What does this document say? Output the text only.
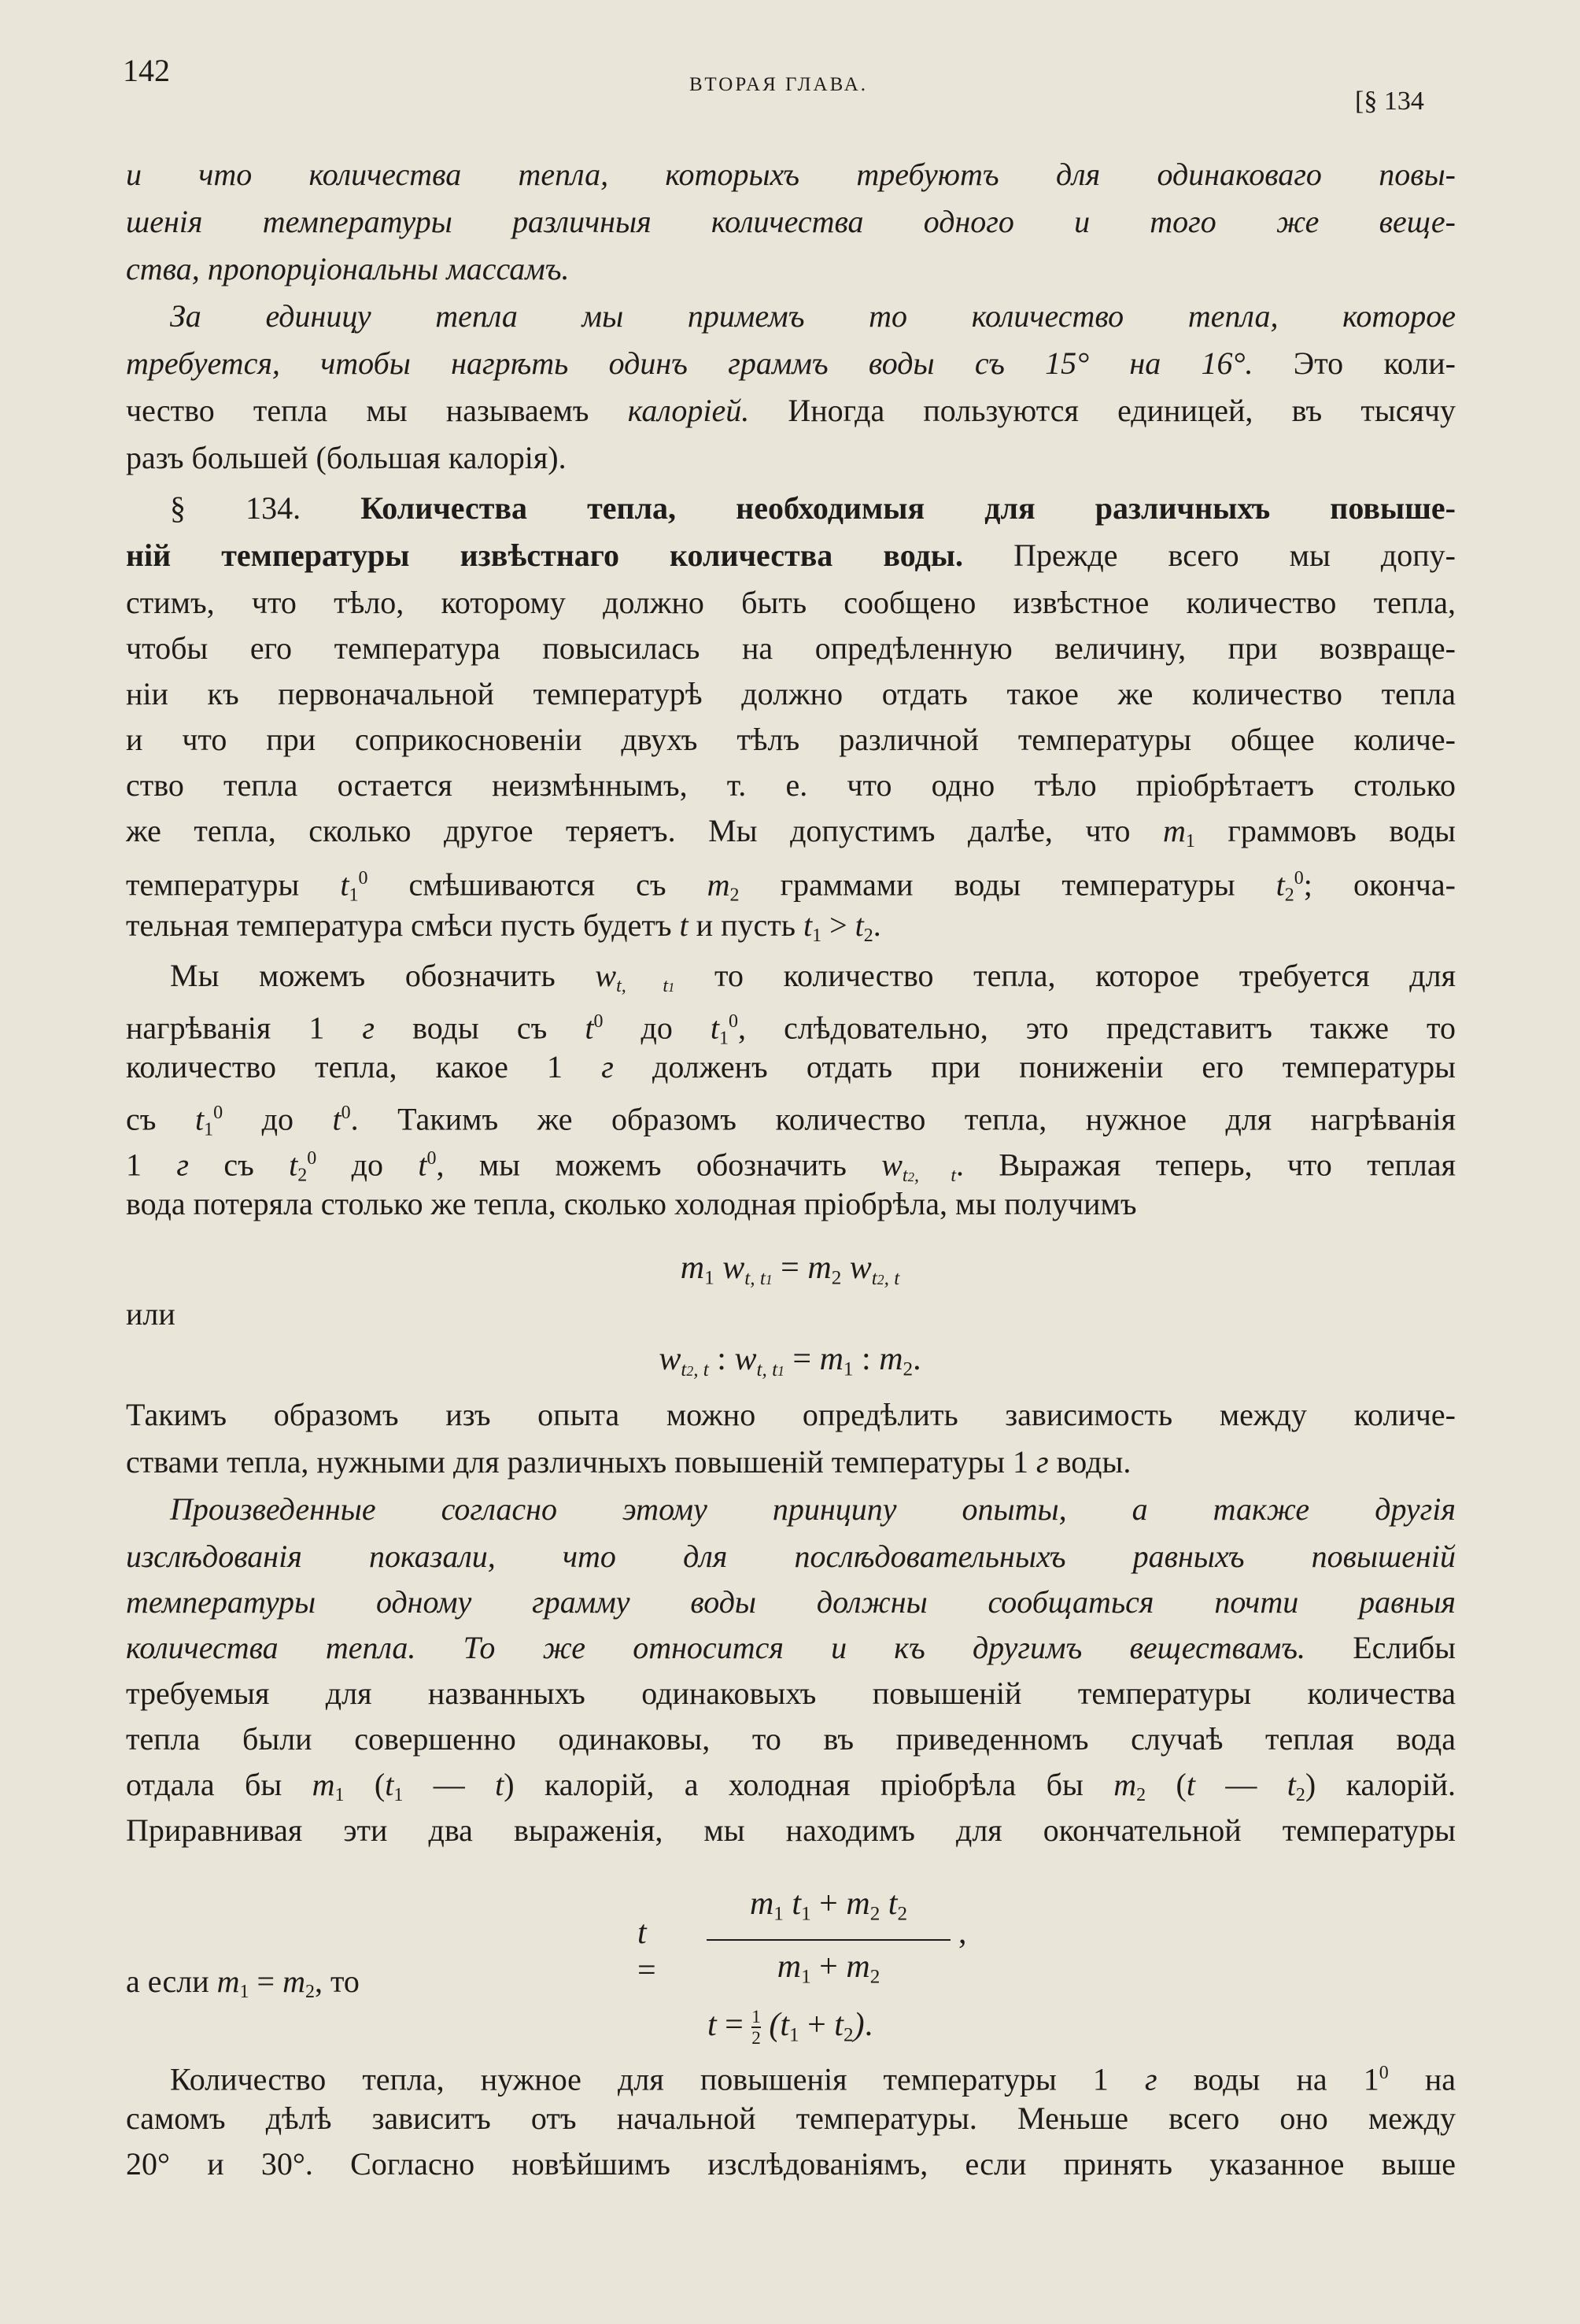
142	ВТОРАЯ ГЛАВА.
[§ 134
и что количества тепла, которыхъ требуютъ для одинаковаго повы-
шенія температуры различныя количества одного и того же веще-
ства, пропорціональны массамъ.
За единицу тепла мы примемъ то количество тепла, которое
требуется, чтобы нагрѣть одинъ граммъ воды съ 15° на 16°. Это коли-
чество тепла мы называемъ калоріей. Иногда пользуются единицей, въ тысячу
разъ большей (большая калорія).
§ 134. Количества тепла, необходимыя для различныхъ повыше-
ній температуры извѣстнаго количества воды. Прежде всего мы допу-
стимъ, что тѣло, которому должно быть сообщено извѣстное количество тепла,
чтобы его температура повысилась на опредѣленную величину, при возвраще-
ніи къ первоначальной температурѣ должно отдать такое же количество тепла
и что при соприкосновеніи двухъ тѣлъ различной температуры общее количе-
ство тепла остается неизмѣннымъ, т. е. что одно тѣло пріобрѣтаетъ столько
же тепла, сколько другое теряетъ. Мы допустимъ далѣе, что $m_1$ граммовъ воды
температуры $t_1^0$ смѣшиваются съ $m_2$ граммами воды температуры $t_2^0$; оконча-
тельная температура смѣси пусть будетъ t и пусть $t_1 > t_2$.
Мы можемъ обозначить $w_{t, t1}$ то количество тепла, которое требуется для
нагрѣванія 1 г воды съ $t^0$ до $t_1^0$, слѣдовательно, это представитъ также то
количество тепла, какое 1 г долженъ отдать при пониженіи его температуры
съ $t_1^0$ до $t^0$. Такимъ же образомъ количество тепла, нужное для нагрѣванія
1 г съ $t_2^0$ до $t^0$, мы можемъ обозначить $w_{t2, t}$. Выражая теперь, что теплая
вода потеряла столько же тепла, сколько холодная пріобрѣла, мы получимъ
$m_1$ $w_{t, t1} = m_2$ $w_{t2, t}$
или
$w_{t2, t}$ : $w_{t, t1} = m_1$ : $m_2$.
Такимъ образомъ изъ опыта можно опредѣлить зависимость между количе-
ствами тепла, нужными для различныхъ повышеній температуры 1 г воды.
Произведенные согласно этому принципу опыты, а также другія
изслѣдованія показали, что для послѣдовательныхъ равныхъ повышеній
температуры одному грамму воды должны сообщаться почти равныя
количества тепла. То же относится и къ другимъ веществамъ. Еслибы
требуемыя для названныхъ одинаковыхъ повышеній температуры количества
тепла были совершенно одинаковы, то въ приведенномъ случаѣ теплая вода
отдала бы $m_1$ ($t_1$ — t) калорій, а холодная пріобрѣла бы $m_2$ (t — $t_2$) калорій.
Приравнивая эти два выраженія, мы находимъ для окончательной температуры
t =
$m_1$ $t_1 + m_2$ $t_2$
$m_1 + m_2$
,
а если $m_1 = m_2$, то
$t = \frac{1}{2} (t_1 + t_2)$.
Количество тепла, нужное для повышенія температуры 1 г воды на $1^0$ на
самомъ дѣлѣ зависитъ отъ начальной температуры. Меньше всего оно между
20° и 30°. Согласно новѣйшимъ изслѣдованіямъ, если принять указанное выше
